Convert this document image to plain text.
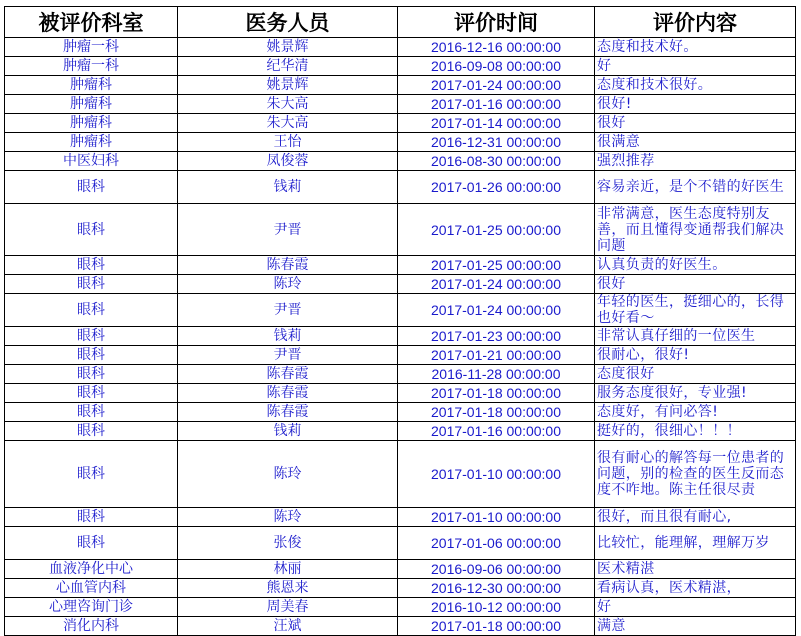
被评价科室	医务人员	评价时间	评价内容
肿瘤一科	姚景辉	2016-12-16 00:00:00	态度和技术好。
肿瘤一科	纪华清	2016-09-08 00:00:00	好
肿瘤科	姚景辉	2017-01-24 00:00:00	态度和技术很好。
肿瘤科	朱大高	2017-01-16 00:00:00	很好!
肿瘤科	朱大高	2017-01-14 00:00:00	很好
肿瘤科	王怡	2016-12-31 00:00:00	很满意
中医妇科	凤俊蓉	2016-08-30 00:00:00	强烈推荐
眼科	钱莉	2017-01-26 00:00:00	容易亲近，是个不错的好医生
眼科	尹晋	2017-01-25 00:00:00	非常满意，医生态度特别友善，而且懂得变通帮我们解决问题
眼科	陈春霞	2017-01-25 00:00:00	认真负责的好医生。
眼科	陈玲	2017-01-24 00:00:00	很好
眼科	尹晋	2017-01-24 00:00:00	年轻的医生，挺细心的，长得也好看～
眼科	钱莉	2017-01-23 00:00:00	非常认真仔细的一位医生
眼科	尹晋	2017-01-21 00:00:00	很耐心，很好!
眼科	陈春霞	2016-11-28 00:00:00	态度很好
眼科	陈春霞	2017-01-18 00:00:00	服务态度很好，专业强!
眼科	陈春霞	2017-01-18 00:00:00	态度好，有问必答!
眼科	钱莉	2017-01-16 00:00:00	挺好的，很细心！！！
眼科	陈玲	2017-01-10 00:00:00	很有耐心的解答每一位患者的问题，别的检查的医生反而态度不咋地。陈主任很尽责
眼科	陈玲	2017-01-10 00:00:00	很好，而且很有耐心,
眼科	张俊	2017-01-06 00:00:00	比较忙，能理解，理解万岁
血液净化中心	林丽	2016-09-06 00:00:00	医术精湛
心血管内科	熊恩来	2016-12-30 00:00:00	看病认真，医术精湛，
心理咨询门诊	周美春	2016-10-12 00:00:00	好
消化内科	汪斌	2017-01-18 00:00:00	满意
